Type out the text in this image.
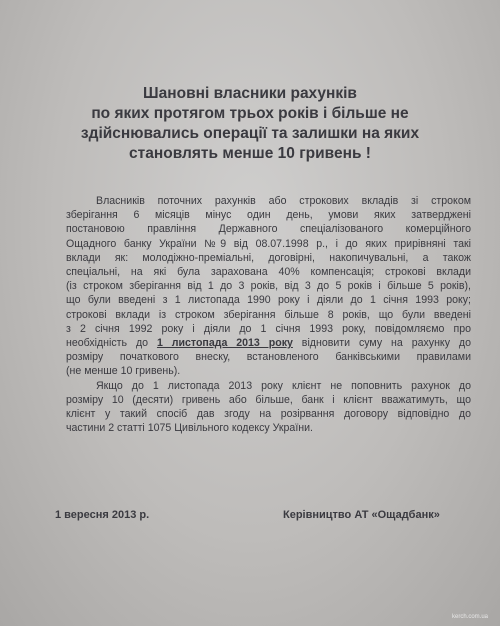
Шановні власники рахунків
по яких протягом трьох років і більше не
здійснювались операції та залишки на яких
становлять менше 10 гривень !
Власників поточних рахунків або строкових вкладів зі строком
зберігання 6 місяців мінус один день, умови яких затверджені
постановою правління Державного спеціалізованого комерційного
Ощадного банку України №9 від 08.07.1998 р., і до яких прирівняні такі
вклади як: молодіжно-преміальні, договірні, накопичувальні, а також
спеціальні, на які була зарахована 40% компенсація; строкові вклади
(із строком зберігання від 1 до 3 років, від 3 до 5 років і більше 5 років),
що були введені з 1 листопада 1990 року і діяли до 1 січня 1993 року;
строкові вклади із строком зберігання більше 8 років, що були введені
з 2 січня 1992 року і діяли до 1 січня 1993 року, повідомляємо про
необхідність до 1 листопада 2013 року відновити суму на рахунку до
розміру початкового внеску, встановленого банківськими правилами
(не менше 10 гривень).
Якщо до 1 листопада 2013 року клієнт не поповнить рахунок до
розміру 10 (десяти) гривень або більше, банк і клієнт вважатимуть, що
клієнт у такий спосіб дав згоду на розірвання договору відповідно до
частини 2 статті 1075 Цивільного кодексу України.
1 вересня 2013 р.	Керівництво АТ «Ощадбанк»
kerch.com.ua
